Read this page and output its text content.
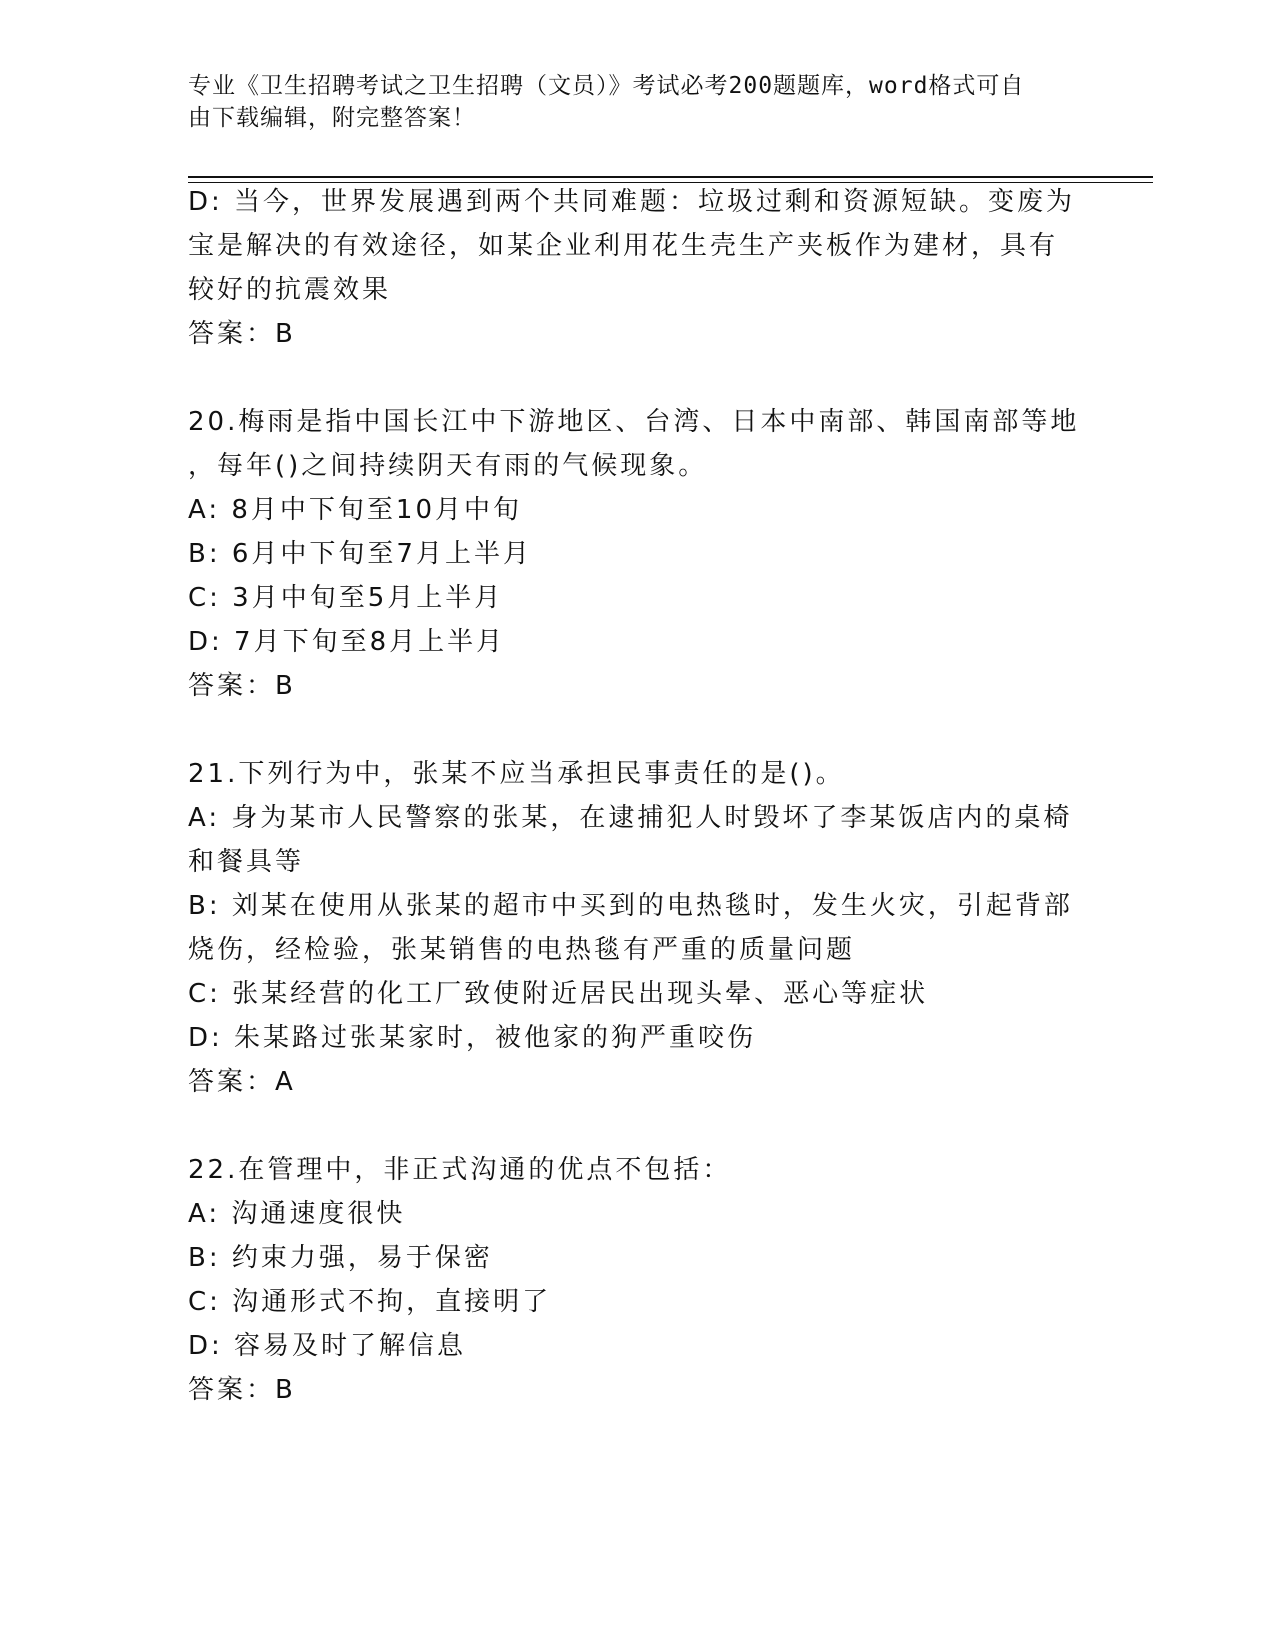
专业《卫生招聘考试之卫生招聘（文员）》考试必考200题题库，word格式可自
由下载编辑，附完整答案！
D: 当今，世界发展遇到两个共同难题：垃圾过剩和资源短缺。变废为
宝是解决的有效途径，如某企业利用花生壳生产夹板作为建材，具有
较好的抗震效果
答案：B
20.梅雨是指中国长江中下游地区、台湾、日本中南部、韩国南部等地
，每年()之间持续阴天有雨的气候现象。
A: 8月中下旬至10月中旬
B: 6月中下旬至7月上半月
C: 3月中旬至5月上半月
D: 7月下旬至8月上半月
答案：B
21.下列行为中，张某不应当承担民事责任的是()。
A: 身为某市人民警察的张某，在逮捕犯人时毁坏了李某饭店内的桌椅
和餐具等
B: 刘某在使用从张某的超市中买到的电热毯时，发生火灾，引起背部
烧伤，经检验，张某销售的电热毯有严重的质量问题
C: 张某经营的化工厂致使附近居民出现头晕、恶心等症状
D: 朱某路过张某家时，被他家的狗严重咬伤
答案：A
22.在管理中，非正式沟通的优点不包括：
A: 沟通速度很快
B: 约束力强，易于保密
C: 沟通形式不拘，直接明了
D: 容易及时了解信息
答案：B
